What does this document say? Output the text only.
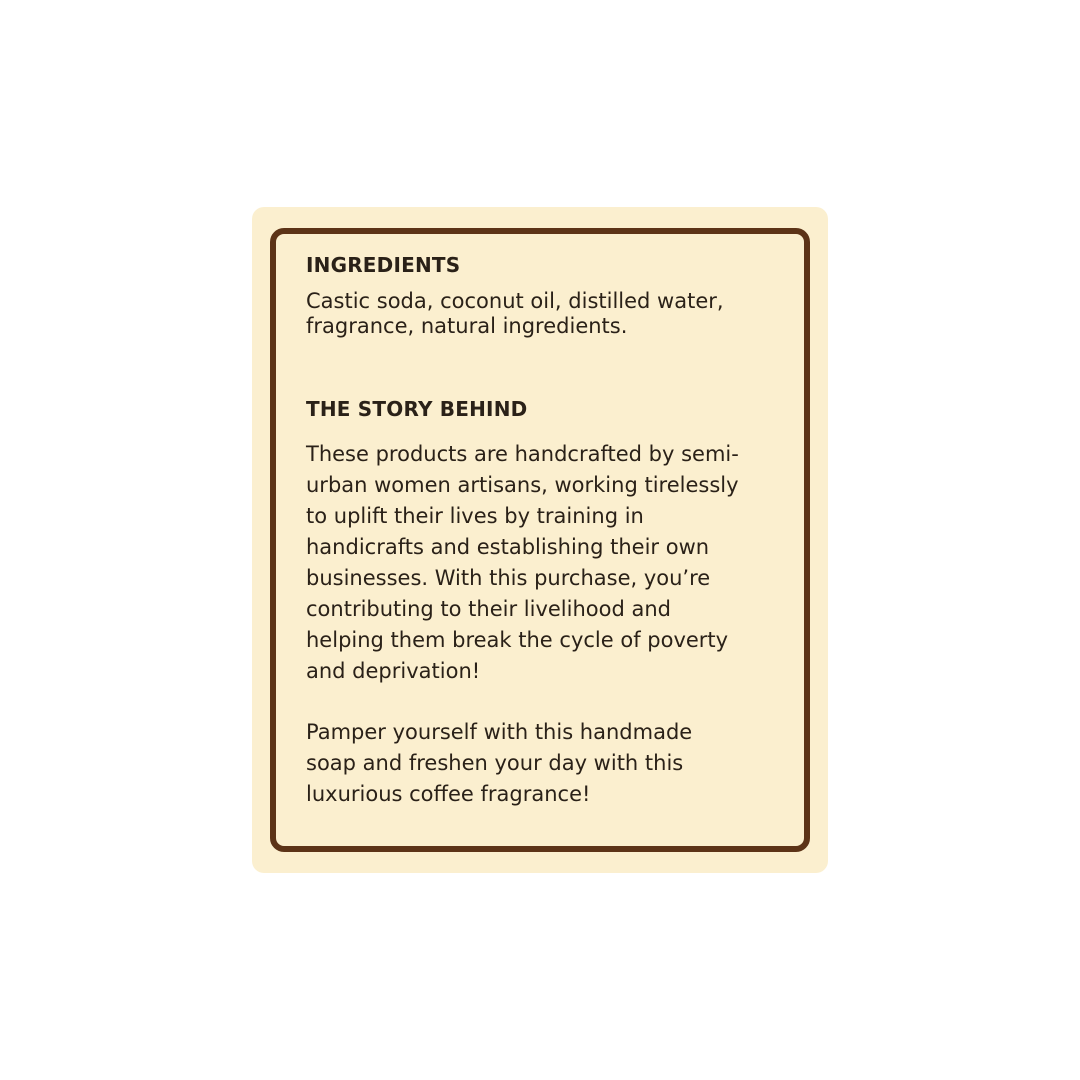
INGREDIENTS

Castic soda, coconut oil, distilled water,
fragrance, natural ingredients.

THE STORY BEHIND

These products are handcrafted by semi-
urban women artisans, working tirelessly
to uplift their lives by training in
handicrafts and establishing their own
businesses. With this purchase, you’re
contributing to their livelihood and
helping them break the cycle of poverty
and deprivation!

Pamper yourself with this handmade
soap and freshen your day with this
luxurious coffee fragrance!
